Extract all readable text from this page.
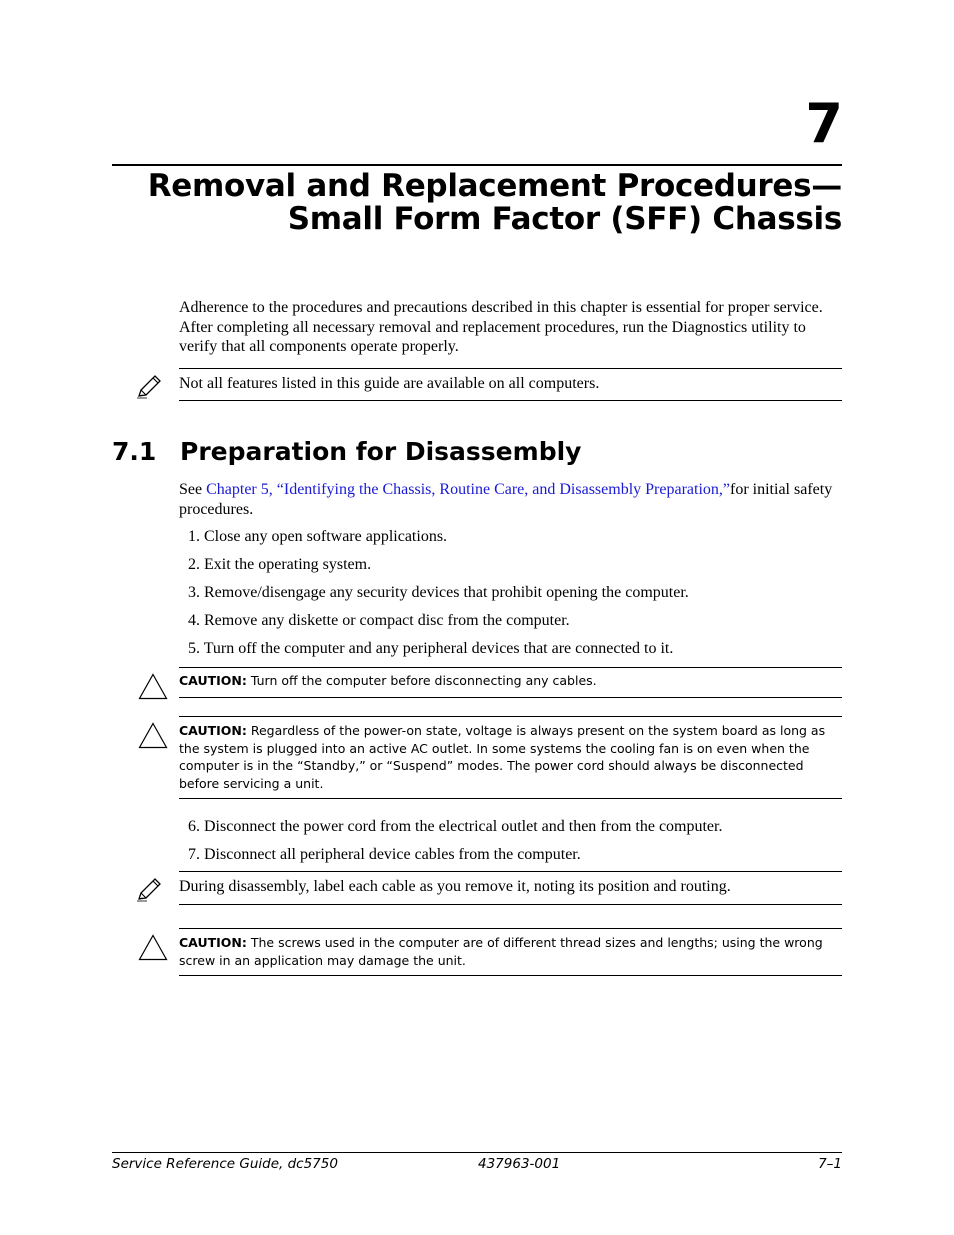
7
Removal and Replacement Procedures—
Small Form Factor (SFF) Chassis
Adherence to the procedures and precautions described in this chapter is essential for proper service. After completing all necessary removal and replacement procedures, run the Diagnostics utility to verify that all components operate properly.
Not all features listed in this guide are available on all computers.
7.1 Preparation for Disassembly
See Chapter 5, “Identifying the Chassis, Routine Care, and Disassembly Preparation,”for initial safety procedures.
1. Close any open software applications.
2. Exit the operating system.
3. Remove/disengage any security devices that prohibit opening the computer.
4. Remove any diskette or compact disc from the computer.
5. Turn off the computer and any peripheral devices that are connected to it.
CAUTION: Turn off the computer before disconnecting any cables.
CAUTION: Regardless of the power-on state, voltage is always present on the system board as long as
the system is plugged into an active AC outlet. In some systems the cooling fan is on even when the
computer is in the “Standby,” or “Suspend” modes. The power cord should always be disconnected
before servicing a unit.
6. Disconnect the power cord from the electrical outlet and then from the computer.
7. Disconnect all peripheral device cables from the computer.
During disassembly, label each cable as you remove it, noting its position and routing.
CAUTION: The screws used in the computer are of different thread sizes and lengths; using the wrong
screw in an application may damage the unit.
Service Reference Guide, dc5750	437963-001	7–1
